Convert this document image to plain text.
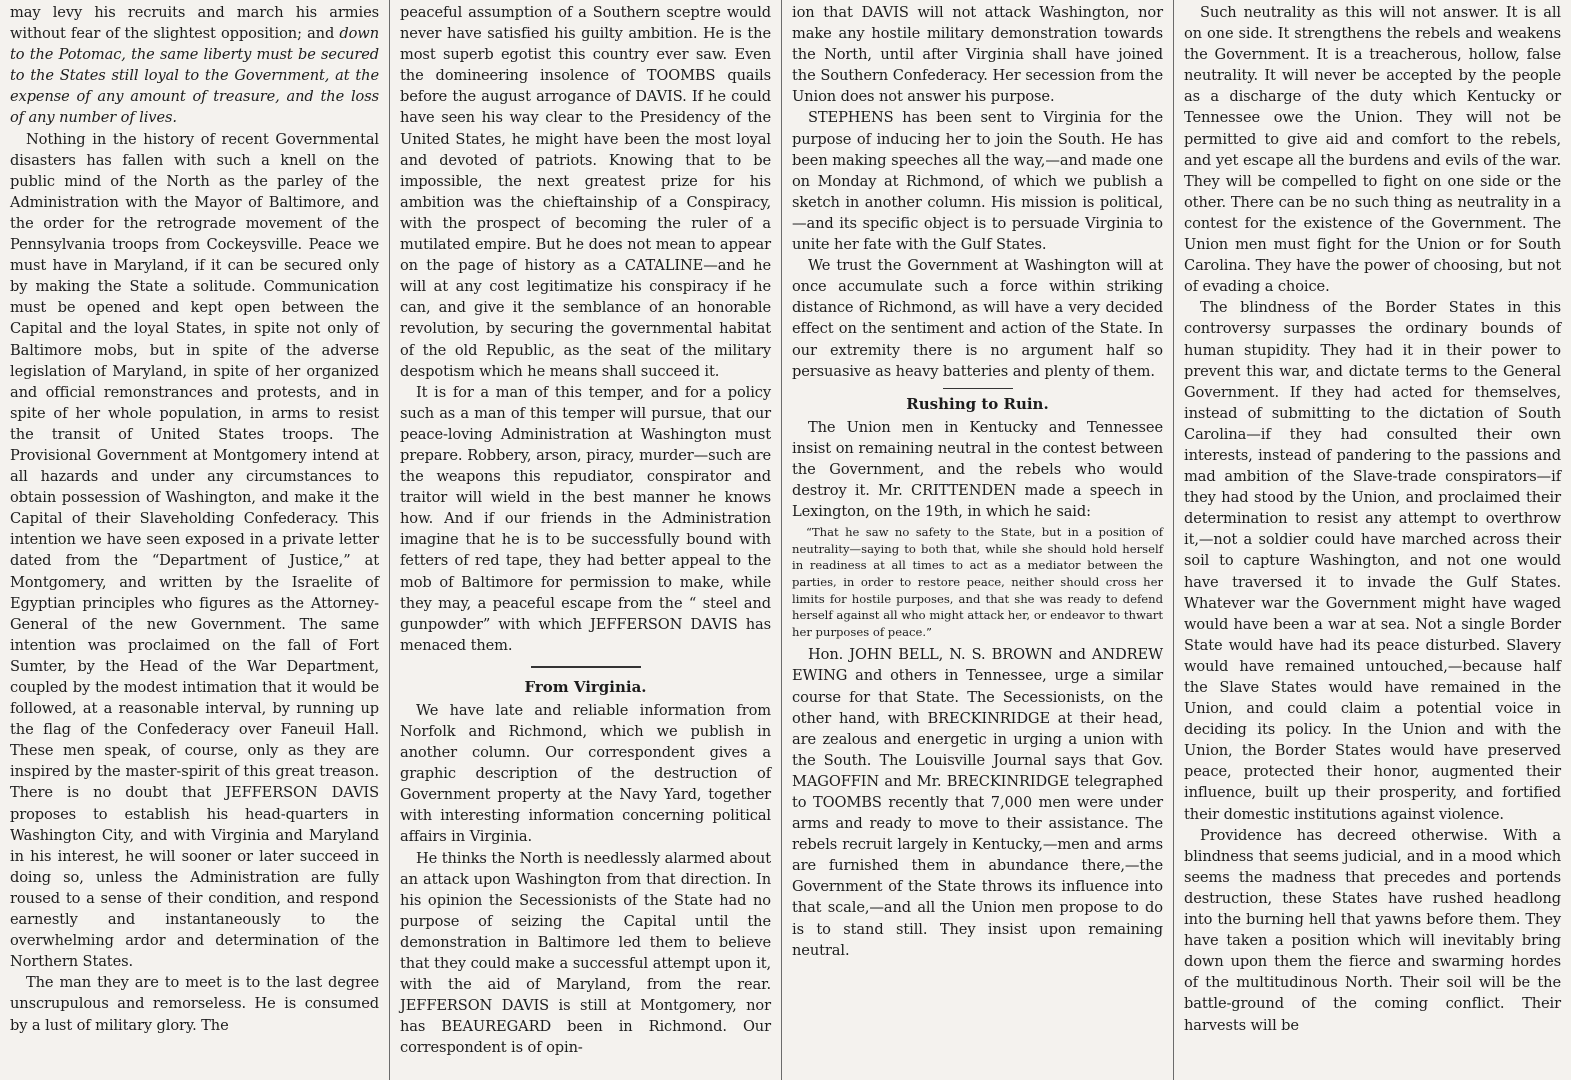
may levy his recruits and march his armies without fear of the slightest opposition; and down to the Potomac, the same liberty must be secured to the States still loyal to the Government, at the expense of any amount of treasure, and the loss of any number of lives.

Nothing in the history of recent Governmental disasters has fallen with such a knell on the public mind of the North as the parley of the Administration with the Mayor of Baltimore, and the order for the retrograde movement of the Pennsylvania troops from Cockeysville. Peace we must have in Maryland, if it can be secured only by making the State a solitude. Communication must be opened and kept open between the Capital and the loyal States, in spite not only of Baltimore mobs, but in spite of the adverse legislation of Maryland, in spite of her organized and official remonstrances and protests, and in spite of her whole population, in arms to resist the transit of United States troops. The Provisional Government at Montgomery intend at all hazards and under any circumstances to obtain possession of Washington, and make it the Capital of their Slaveholding Confederacy. This intention we have seen exposed in a private letter dated from the “Department of Justice,” at Montgomery, and written by the Israelite of Egyptian principles who figures as the Attorney-General of the new Government. The same intention was proclaimed on the fall of Fort Sumter, by the Head of the War Department, coupled by the modest intimation that it would be followed, at a reasonable interval, by running up the flag of the Confederacy over Faneuil Hall. These men speak, of course, only as they are inspired by the master-spirit of this great treason. There is no doubt that JEFFERSON DAVIS proposes to establish his head-quarters in Washington City, and with Virginia and Maryland in his interest, he will sooner or later succeed in doing so, unless the Administration are fully roused to a sense of their condition, and respond earnestly and instantaneously to the overwhelming ardor and determination of the Northern States.

The man they are to meet is to the last degree unscrupulous and remorseless. He is consumed by a lust of military glory. The

peaceful assumption of a Southern sceptre would never have satisfied his guilty ambition. He is the most superb egotist this country ever saw. Even the domineering insolence of TOOMBS quails before the august arrogance of DAVIS. If he could have seen his way clear to the Presidency of the United States, he might have been the most loyal and devoted of patriots. Knowing that to be impossible, the next greatest prize for his ambition was the chieftainship of a Conspiracy, with the prospect of becoming the ruler of a mutilated empire. But he does not mean to appear on the page of history as a CATALINE—and he will at any cost legitimatize his conspiracy if he can, and give it the semblance of an honorable revolution, by securing the governmental habitat of the old Republic, as the seat of the military despotism which he means shall succeed it.

It is for a man of this temper, and for a policy such as a man of this temper will pursue, that our peace-loving Administration at Washington must prepare. Robbery, arson, piracy, murder—such are the weapons this repudiator, conspirator and traitor will wield in the best manner he knows how. And if our friends in the Administration imagine that he is to be successfully bound with fetters of red tape, they had better appeal to the mob of Baltimore for permission to make, while they may, a peaceful escape from the “ steel and gunpowder” with which JEFFERSON DAVIS has menaced them.

From Virginia.

We have late and reliable information from Norfolk and Richmond, which we publish in another column. Our correspondent gives a graphic description of the destruction of Government property at the Navy Yard, together with interesting information concerning political affairs in Virginia.

He thinks the North is needlessly alarmed about an attack upon Washington from that direction. In his opinion the Secessionists of the State had no purpose of seizing the Capital until the demonstration in Baltimore led them to believe that they could make a successful attempt upon it, with the aid of Maryland, from the rear. JEFFERSON DAVIS is still at Montgomery, nor has BEAUREGARD been in Richmond. Our correspondent is of opin-

ion that DAVIS will not attack Washington, nor make any hostile military demonstration towards the North, until after Virginia shall have joined the Southern Confederacy. Her secession from the Union does not answer his purpose.

STEPHENS has been sent to Virginia for the purpose of inducing her to join the South. He has been making speeches all the way,—and made one on Monday at Richmond, of which we publish a sketch in another column. His mission is political,—and its specific object is to persuade Virginia to unite her fate with the Gulf States.

We trust the Government at Washington will at once accumulate such a force within striking distance of Richmond, as will have a very decided effect on the sentiment and action of the State. In our extremity there is no argument half so persuasive as heavy batteries and plenty of them.

Rushing to Ruin.

The Union men in Kentucky and Tennessee insist on remaining neutral in the contest between the Government, and the rebels who would destroy it. Mr. CRITTENDEN made a speech in Lexington, on the 19th, in which he said:

“That he saw no safety to the State, but in a position of neutrality—saying to both that, while she should hold herself in readiness at all times to act as a mediator between the parties, in order to restore peace, neither should cross her limits for hostile purposes, and that she was ready to defend herself against all who might attack her, or endeavor to thwart her purposes of peace.”

Hon. JOHN BELL, N. S. BROWN and ANDREW EWING and others in Tennessee, urge a similar course for that State. The Secessionists, on the other hand, with BRECKINRIDGE at their head, are zealous and energetic in urging a union with the South. The Louisville Journal says that Gov. MAGOFFIN and Mr. BRECKINRIDGE telegraphed to TOOMBS recently that 7,000 men were under arms and ready to move to their assistance. The rebels recruit largely in Kentucky,—men and arms are furnished them in abundance there,—the Government of the State throws its influence into that scale,—and all the Union men propose to do is to stand still. They insist upon remaining neutral.

Such neutrality as this will not answer. It is all on one side. It strengthens the rebels and weakens the Government. It is a treacherous, hollow, false neutrality. It will never be accepted by the people as a discharge of the duty which Kentucky or Tennessee owe the Union. They will not be permitted to give aid and comfort to the rebels, and yet escape all the burdens and evils of the war. They will be compelled to fight on one side or the other. There can be no such thing as neutrality in a contest for the existence of the Government. The Union men must fight for the Union or for South Carolina. They have the power of choosing, but not of evading a choice.

The blindness of the Border States in this controversy surpasses the ordinary bounds of human stupidity. They had it in their power to prevent this war, and dictate terms to the General Government. If they had acted for themselves, instead of submitting to the dictation of South Carolina—if they had consulted their own interests, instead of pandering to the passions and mad ambition of the Slave-trade conspirators—if they had stood by the Union, and proclaimed their determination to resist any attempt to overthrow it,—not a soldier could have marched across their soil to capture Washington, and not one would have traversed it to invade the Gulf States. Whatever war the Government might have waged would have been a war at sea. Not a single Border State would have had its peace disturbed. Slavery would have remained untouched,—because half the Slave States would have remained in the Union, and could claim a potential voice in deciding its policy. In the Union and with the Union, the Border States would have preserved peace, protected their honor, augmented their influence, built up their prosperity, and fortified their domestic institutions against violence.

Providence has decreed otherwise. With a blindness that seems judicial, and in a mood which seems the madness that precedes and portends destruction, these States have rushed headlong into the burning hell that yawns before them. They have taken a position which will inevitably bring down upon them the fierce and swarming hordes of the multitudinous North. Their soil will be the battle-ground of the coming conflict. Their harvests will be
